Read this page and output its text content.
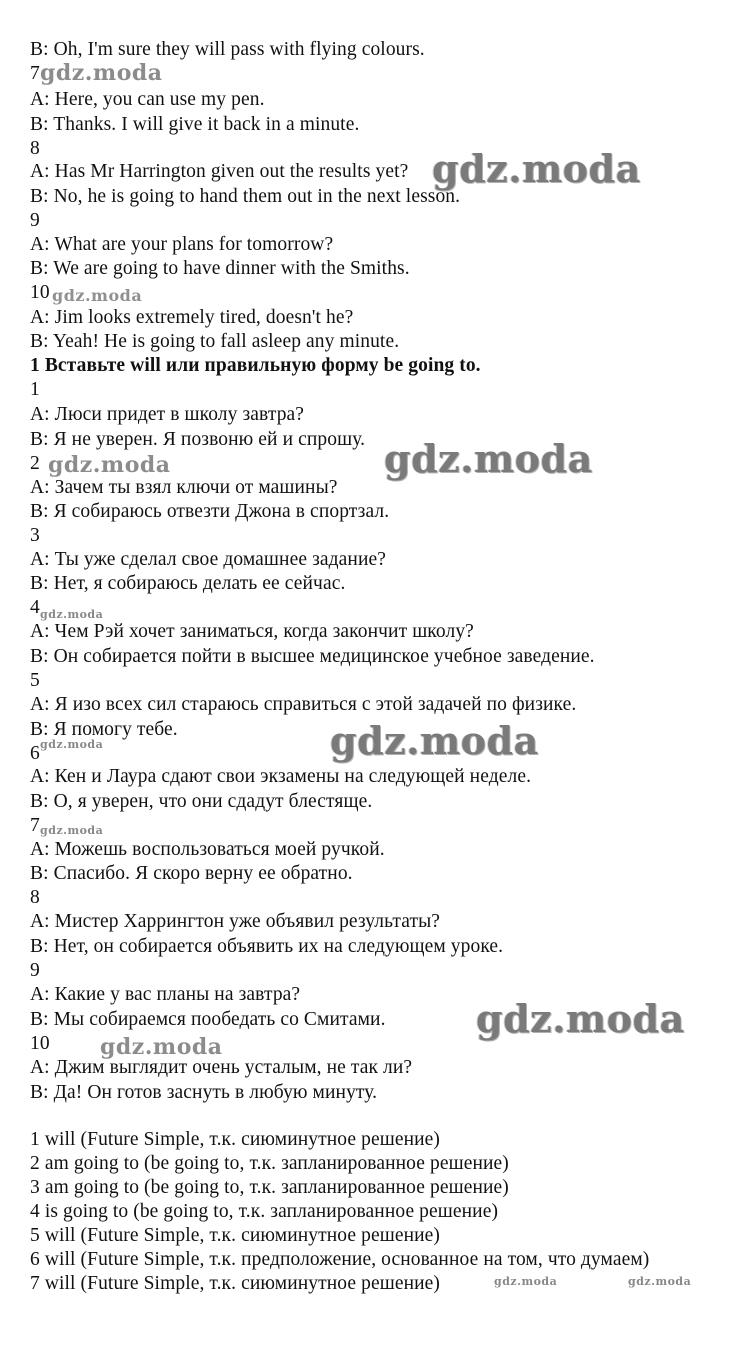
B: Oh, I'm sure they will pass with flying colours.
7
A: Here, you can use my pen.
B: Thanks. I will give it back in a minute.
8
A: Has Mr Harrington given out the results yet?
B: No, he is going to hand them out in the next lesson.
9
A: What are your plans for tomorrow?
B: We are going to have dinner with the Smiths.
10
A: Jim looks extremely tired, doesn't he?
B: Yeah! He is going to fall asleep any minute.
1 Вставьте will или правильную форму be going to.
1
A: Люси придет в школу завтра?
B: Я не уверен. Я позвоню ей и спрошу.
2
A: Зачем ты взял ключи от машины?
B: Я собираюсь отвезти Джона в спортзал.
3
A: Ты уже сделал свое домашнее задание?
B: Нет, я собираюсь делать ее сейчас.
4
A: Чем Рэй хочет заниматься, когда закончит школу?
B: Он собирается пойти в высшее медицинское учебное заведение.
5
A: Я изо всех сил стараюсь справиться с этой задачей по физике.
B: Я помогу тебе.
6
A: Кен и Лаура сдают свои экзамены на следующей неделе.
B: О, я уверен, что они сдадут блестяще.
7
A: Можешь воспользоваться моей ручкой.
B: Спасибо. Я скоро верну ее обратно.
8
A: Мистер Харрингтон уже объявил результаты?
B: Нет, он собирается объявить их на следующем уроке.
9
A: Какие у вас планы на завтра?
B: Мы собираемся пообедать со Смитами.
10
A: Джим выглядит очень усталым, не так ли?
B: Да! Он готов заснуть в любую минуту.
1 will (Future Simple, т.к. сиюминутное решение)
2 am going to (be going to, т.к. запланированное решение)
3 am going to (be going to, т.к. запланированное решение)
4 is going to (be going to, т.к. запланированное решение)
5 will (Future Simple, т.к. сиюминутное решение)
6 will (Future Simple, т.к. предположение, основанное на том, что думаем)
7 will (Future Simple, т.к. сиюминутное решение)
gdz.moda
gdz.moda
gdz.moda
gdz.moda	gdz.moda
gdz.moda
gdz.moda
gdz.moda
gdz.moda
gdz.moda
gdz.moda
gdz.moda	gdz.moda
